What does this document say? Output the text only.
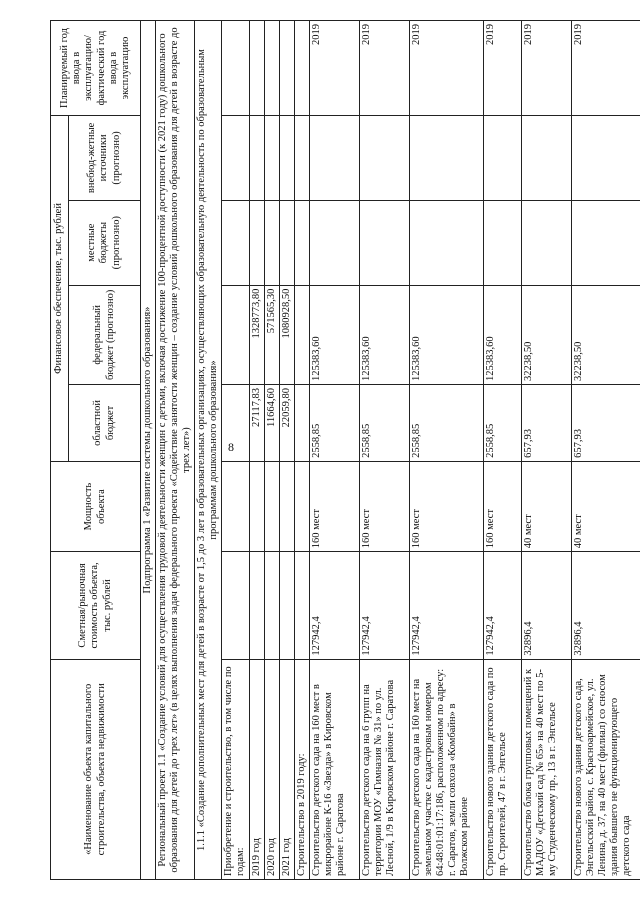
8
«Наименование объекта капитального строительства, объекта недвижимости	Сметная/рыночная стоимость объекта, тыс. рублей	Мощность объекта	Финансовое обеспечение, тыс. рублей				Планируемый год ввода в эксплуатацию/ фактический год ввода в эксплуатацию
			областной бюджет	федеральный бюджет (прогнозно)	местные бюджеты (прогнозно)	внебюд-жетные источники (прогнозно)	
Подпрограмма 1 «Развитие системы дошкольного образования»							
Региональный проект 1.1 «Создание условий для осуществления трудовой деятельности женщин с детьми, включая достижение 100-процентной доступности (к 2021 году) дошкольного образования для детей до трех лет» (в целях выполнения задач федерального проекта «Содействие занятости женщин – создание условий дошкольного образования для детей в возрасте до трех лет»)							
1.1.1 «Создание дополнительных мест для детей в возрасте от 1,5 до 3 лет в образовательных организациях, осуществляющих образовательную деятельность по образовательным программам дошкольного образования»							
Приобретение и строительство, в том числе по годам:							
2019 год			27117,83	1328773,80			
2020 год			11664,60	571565,30			
2021 год			22059,80	1080928,50			
Строительство в 2019 году:							
Строительство детского сада на 160 мест в микрорайоне К-16 «Звезда» в Кировском районе г. Саратова	127942,4	160 мест	2558,85	125383,60			2019
Строительство детского сада на 6 групп на территории МОУ «Гимназия № 31» по ул. Лесной, 1/9 в Кировском районе г. Саратова	127942,4	160 мест	2558,85	125383,60			2019
Строительство детского сада на 160 мест на земельном участке с кадастровым номером 64:48:01:01:17:186, расположенном по адресу: г. Саратов, земли совхоза «Комбайн» в Волжском районе	127942,4	160 мест	2558,85	125383,60			2019
Строительство нового здания детского сада по пр. Строителей, 47 в г. Энгельсе	127942,4	160 мест	2558,85	125383,60			2019
Строительство блока групповых помещений к МАДОУ «Детский сад № 65» на 40 мест по 5-му Студенческому пр., 13 в г. Энгельсе	32896,4	40 мест	657,93	32238,50			2019
Строительство нового здания детского сада, Энгельсский район, с. Красноармейское, ул. Ленина, д. 37, на 40 мест (филиал) со сносом здания бывшего не функционирующего детского сада	32896,4	40 мест	657,93	32238,50			2019
